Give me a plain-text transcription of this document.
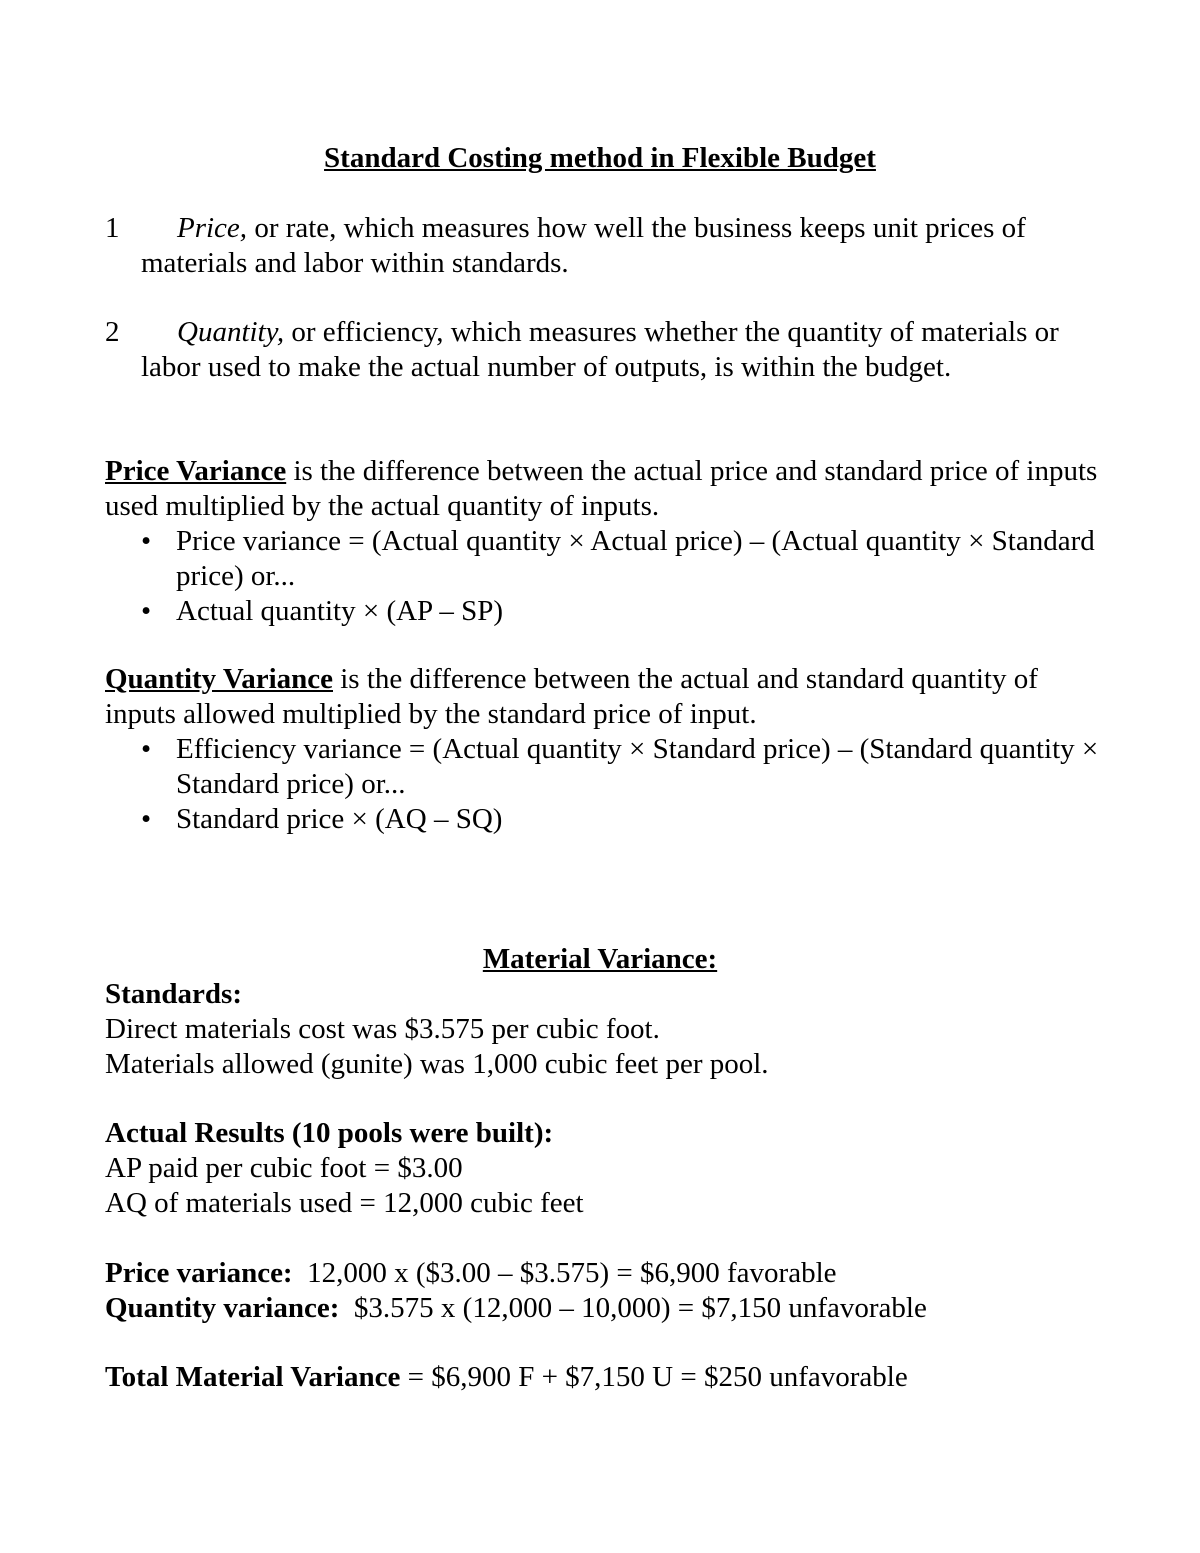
Standard Costing method in Flexible Budget
1	Price, or rate, which measures how well the business keeps unit prices of materials and labor within standards.
2	Quantity, or efficiency, which measures whether the quantity of materials or labor used to make the actual number of outputs, is within the budget.
Price Variance is the difference between the actual price and standard price of inputs used multiplied by the actual quantity of inputs.
• Price variance = (Actual quantity × Actual price) – (Actual quantity × Standard price) or...
• Actual quantity × (AP – SP)
Quantity Variance is the difference between the actual and standard quantity of inputs allowed multiplied by the standard price of input.
• Efficiency variance = (Actual quantity × Standard price) – (Standard quantity × Standard price) or...
• Standard price × (AQ – SQ)
Material Variance:
Standards:
Direct materials cost was $3.575 per cubic foot.
Materials allowed (gunite) was 1,000 cubic feet per pool.
Actual Results (10 pools were built):
AP paid per cubic foot = $3.00
AQ of materials used = 12,000 cubic feet
Price variance:  12,000 x ($3.00 – $3.575) = $6,900 favorable
Quantity variance:  $3.575 x (12,000 – 10,000) = $7,150 unfavorable
Total Material Variance = $6,900 F + $7,150 U = $250 unfavorable
